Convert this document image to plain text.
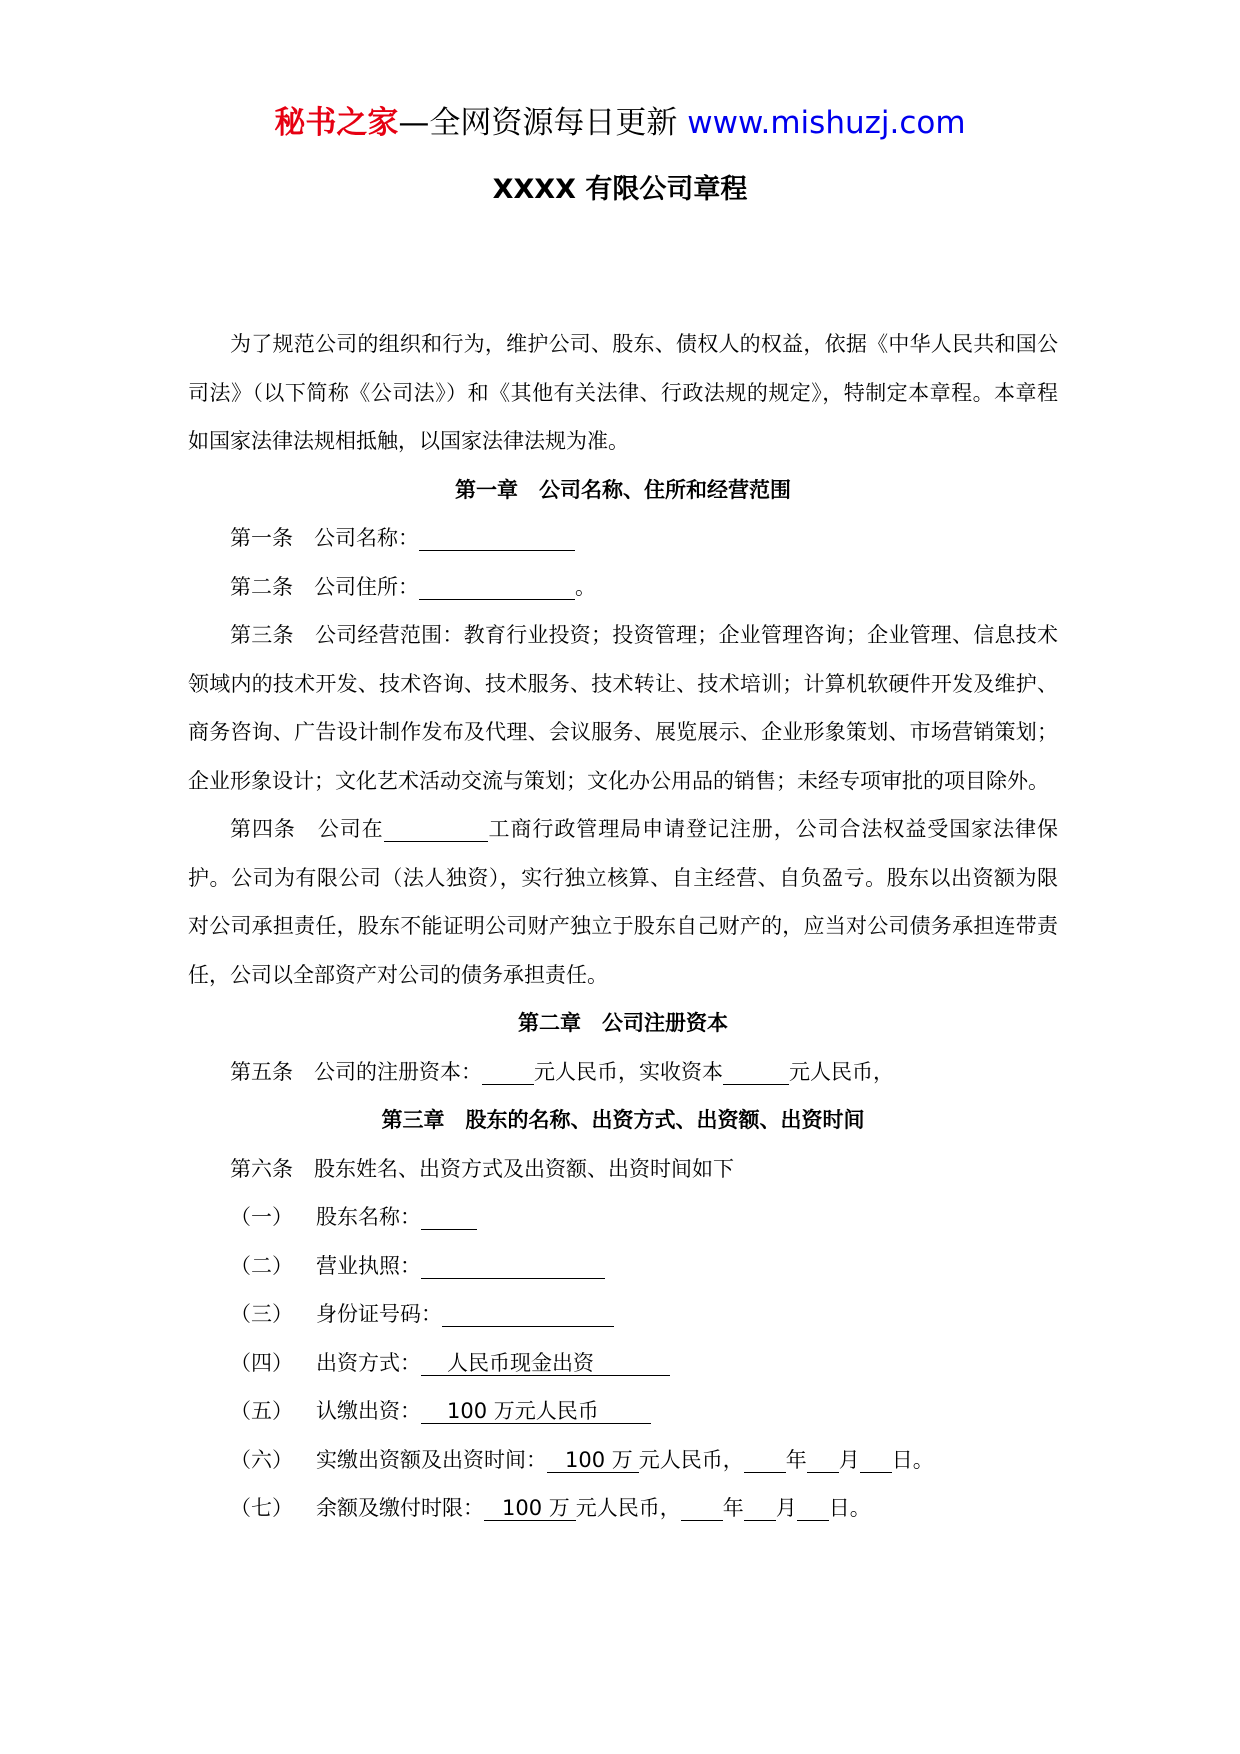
秘书之家—全网资源每日更新 www.mishuzj.com
XXXX 有限公司章程

为了规范公司的组织和行为，维护公司、股东、债权人的权益，依据《中华人民共和国公司法》（以下简称《公司法》）和《其他有关法律、行政法规的规定》，特制定本章程。本章程如国家法律法规相抵触，以国家法律法规为准。

第一章　公司名称、住所和经营范围

第一条　公司名称：

第二条　公司住所：	。

第三条　公司经营范围：教育行业投资；投资管理；企业管理咨询；企业管理、信息技术领域内的技术开发、技术咨询、技术服务、技术转让、技术培训；计算机软硬件开发及维护、商务咨询、广告设计制作发布及代理、会议服务、展览展示、企业形象策划、市场营销策划；企业形象设计；文化艺术活动交流与策划；文化办公用品的销售；未经专项审批的项目除外。

第四条　公司在	工商行政管理局申请登记注册，公司合法权益受国家法律保护。公司为有限公司（法人独资），实行独立核算、自主经营、自负盈亏。股东以出资额为限对公司承担责任，股东不能证明公司财产独立于股东自己财产的，应当对公司债务承担连带责任，公司以全部资产对公司的债务承担责任。

第二章　公司注册资本

第五条　公司的注册资本： 元人民币，实收资本	元人民币，

第三章　股东的名称、出资方式、出资额、出资时间

第六条　股东姓名、出资方式及出资额、出资时间如下

（一） 股东名称：

（二） 营业执照：

（三） 身份证号码：

（四） 出资方式： 人民币现金出资

（五） 认缴出资： 100 万元人民币

（六） 实缴出资额及出资时间： 100 万 元人民币， 年 月 日。

（七） 余额及缴付时限： 100 万 元人民币， 年 月 日。
